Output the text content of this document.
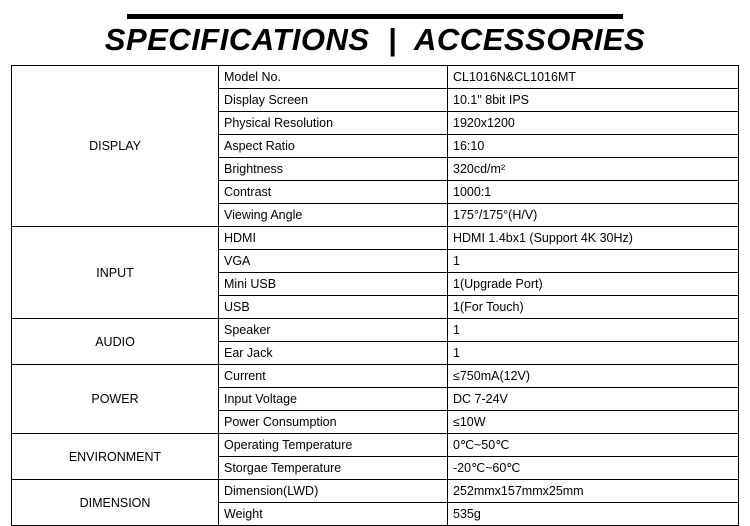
SPECIFICATIONS  |  ACCESSORIES
DISPLAY	Model No.	CL1016N&CL1016MT
	Display Screen	10.1" 8bit IPS
	Physical Resolution	1920x1200
	Aspect Ratio	16:10
	Brightness	320cd/m²
	Contrast	1000:1
	Viewing Angle	175°/175°(H/V)
INPUT	HDMI	HDMI 1.4bx1 (Support 4K 30Hz)
	VGA	1
	Mini USB	1(Upgrade Port)
	USB	1(For Touch)
AUDIO	Speaker	1
	Ear Jack	1
POWER	Current	≤750mA(12V)
	Input Voltage	DC 7-24V
	Power Consumption	≤10W
ENVIRONMENT	Operating Temperature	0℃~50℃
	Storgae Temperature	-20℃~60℃
DIMENSION	Dimension(LWD)	252mmx157mmx25mm
	Weight	535g
